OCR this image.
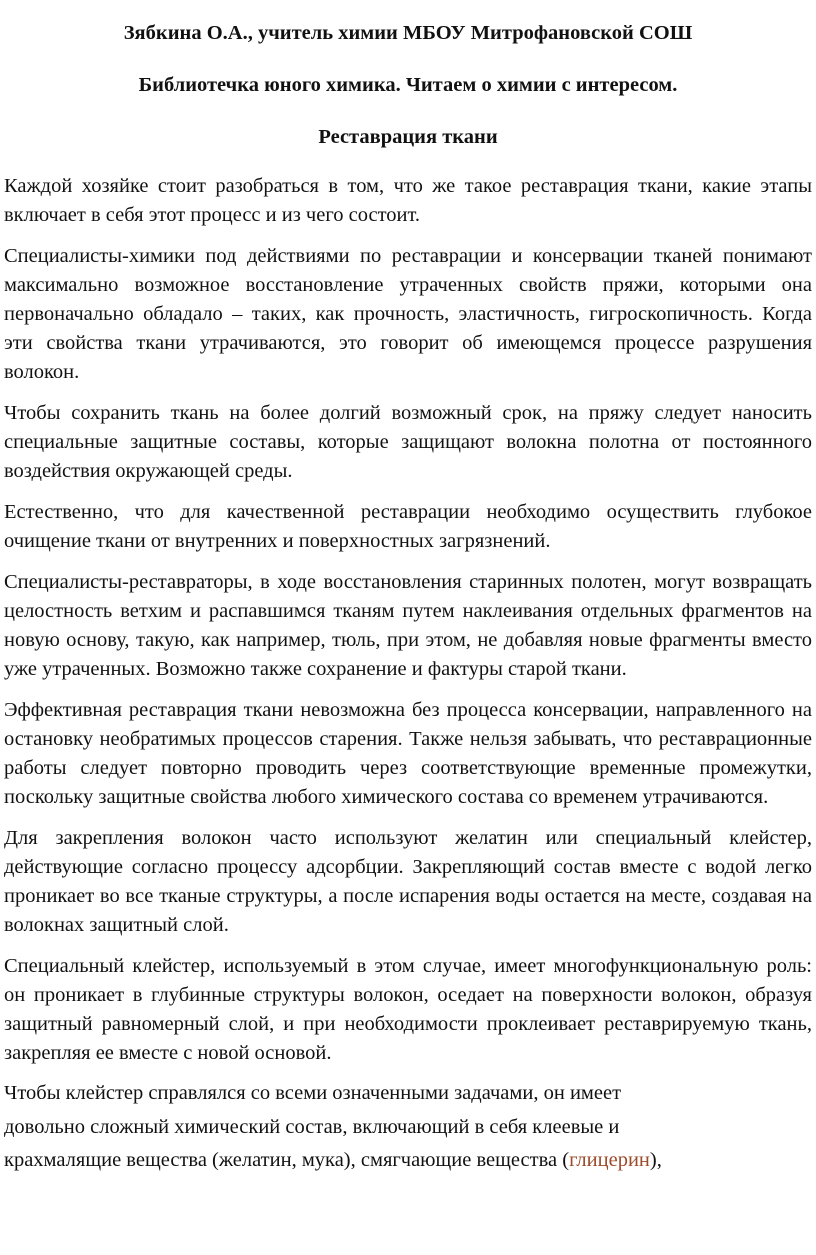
Зябкина О.А., учитель химии МБОУ Митрофановской СОШ

Библиотечка юного химика. Читаем о химии с интересом.

Реставрация ткани

Каждой хозяйке стоит разобраться в том, что же такое реставрация ткани, какие этапы включает в себя этот процесс и из чего состоит.

Специалисты-химики под действиями по реставрации и консервации тканей понимают максимально возможное восстановление утраченных свойств пряжи, которыми она первоначально обладало – таких, как прочность, эластичность, гигроскопичность. Когда эти свойства ткани утрачиваются, это говорит об имеющемся процессе разрушения волокон.

Чтобы сохранить ткань на более долгий возможный срок, на пряжу следует наносить специальные защитные составы, которые защищают волокна полотна от постоянного воздействия окружающей среды.

Естественно, что для качественной реставрации необходимо осуществить глубокое очищение ткани от внутренних и поверхностных загрязнений.

Специалисты-реставраторы, в ходе восстановления старинных полотен, могут возвращать целостность ветхим и распавшимся тканям путем наклеивания отдельных фрагментов на новую основу, такую, как например, тюль, при этом, не добавляя новые фрагменты вместо уже утраченных. Возможно также сохранение и фактуры старой ткани.

Эффективная реставрация ткани невозможна без процесса консервации, направленного на остановку необратимых процессов старения. Также нельзя забывать, что реставрационные работы следует повторно проводить через соответствующие временные промежутки, поскольку защитные свойства любого химического состава со временем утрачиваются.

Для закрепления волокон часто используют желатин или специальный клейстер, действующие согласно процессу адсорбции. Закрепляющий состав вместе с водой легко проникает во все тканые структуры, а после испарения воды остается на месте, создавая на волокнах защитный слой.

Специальный клейстер, используемый в этом случае, имеет многофункциональную роль: он проникает в глубинные структуры волокон, оседает на поверхности волокон, образуя защитный равномерный слой, и при необходимости проклеивает реставрируемую ткань, закрепляя ее вместе с новой основой.

Чтобы клейстер справлялся со всеми означенными задачами, он имеет
довольно сложный химический состав, включающий в себя клеевые и
крахмалящие вещества (желатин, мука), смягчающие вещества (глицерин),
